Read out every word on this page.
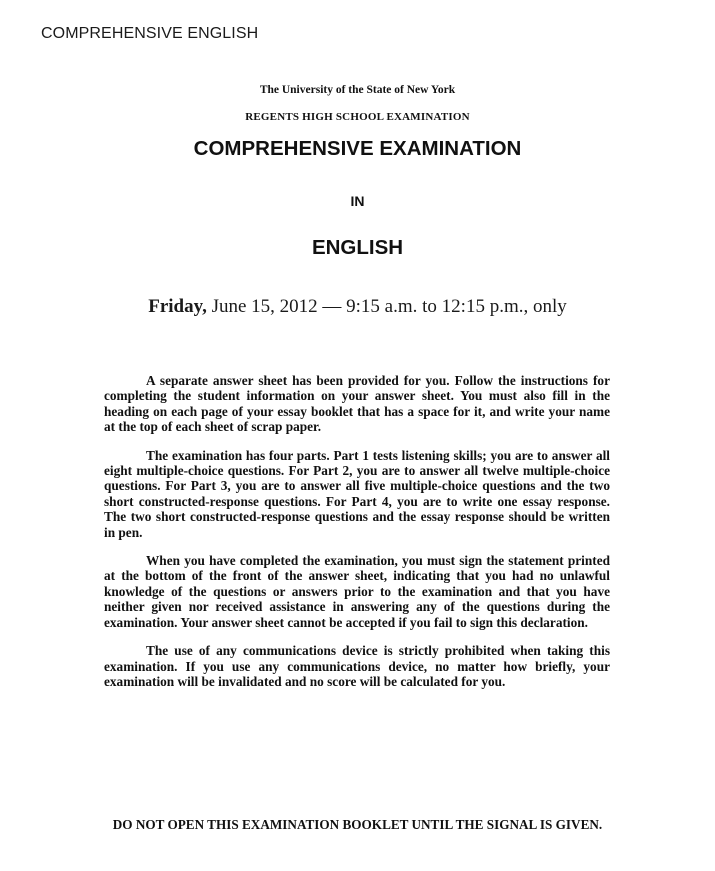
COMPREHENSIVE ENGLISH
The University of the State of New York
REGENTS HIGH SCHOOL EXAMINATION
COMPREHENSIVE EXAMINATION
IN
ENGLISH
Friday, June 15, 2012 — 9:15 a.m. to 12:15 p.m., only

A separate answer sheet has been provided for you. Follow the instructions for completing the student information on your answer sheet. You must also fill in the heading on each page of your essay booklet that has a space for it, and write your name at the top of each sheet of scrap paper.

The examination has four parts. Part 1 tests listening skills; you are to answer all eight multiple-choice questions. For Part 2, you are to answer all twelve multiple-choice questions. For Part 3, you are to answer all five multiple-choice questions and the two short constructed-response questions. For Part 4, you are to write one essay response. The two short constructed-response questions and the essay response should be written in pen.

When you have completed the examination, you must sign the statement printed at the bottom of the front of the answer sheet, indicating that you had no unlawful knowledge of the questions or answers prior to the examination and that you have neither given nor received assistance in answering any of the questions during the examination. Your answer sheet cannot be accepted if you fail to sign this declaration.

The use of any communications device is strictly prohibited when taking this examination. If you use any communications device, no matter how briefly, your examination will be invalidated and no score will be calculated for you.

DO NOT OPEN THIS EXAMINATION BOOKLET UNTIL THE SIGNAL IS GIVEN.
